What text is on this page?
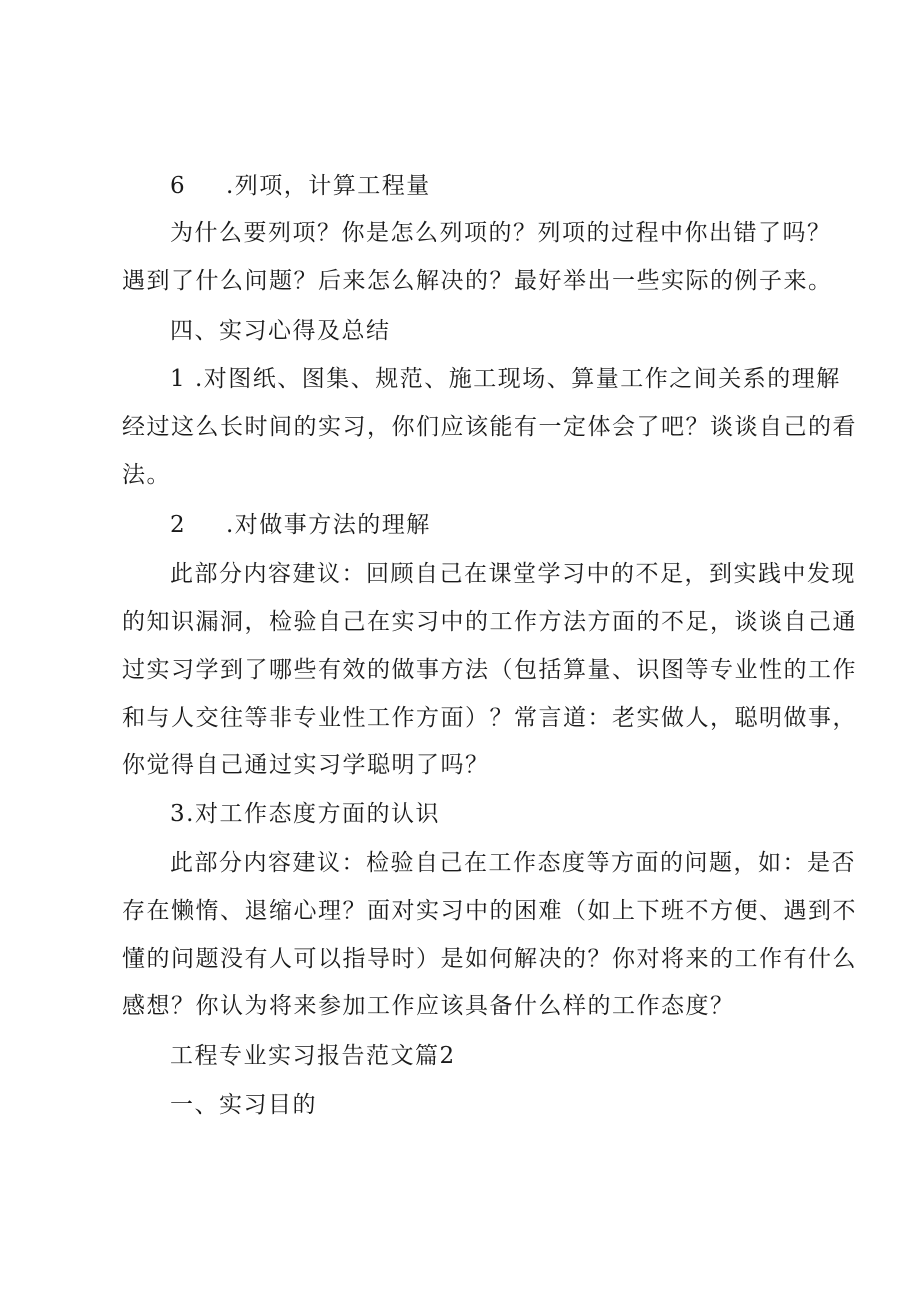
6 .列项，计算工程量
为什么要列项？你是怎么列项的？列项的过程中你出错了吗？
遇到了什么问题？后来怎么解决的？最好举出一些实际的例子来。
四、实习心得及总结
1 .对图纸、图集、规范、施工现场、算量工作之间关系的理解
经过这么长时间的实习，你们应该能有一定体会了吧？谈谈自己的看
法。
2 .对做事方法的理解
此部分内容建议：回顾自己在课堂学习中的不足，到实践中发现
的知识漏洞，检验自己在实习中的工作方法方面的不足，谈谈自己通
过实习学到了哪些有效的做事方法（包括算量、识图等专业性的工作
和与人交往等非专业性工作方面）？常言道：老实做人，聪明做事，
你觉得自己通过实习学聪明了吗？
3.对工作态度方面的认识
此部分内容建议：检验自己在工作态度等方面的问题，如：是否
存在懒惰、退缩心理？面对实习中的困难（如上下班不方便、遇到不
懂的问题没有人可以指导时）是如何解决的？你对将来的工作有什么
感想？你认为将来参加工作应该具备什么样的工作态度？
工程专业实习报告范文篇2
一、实习目的
